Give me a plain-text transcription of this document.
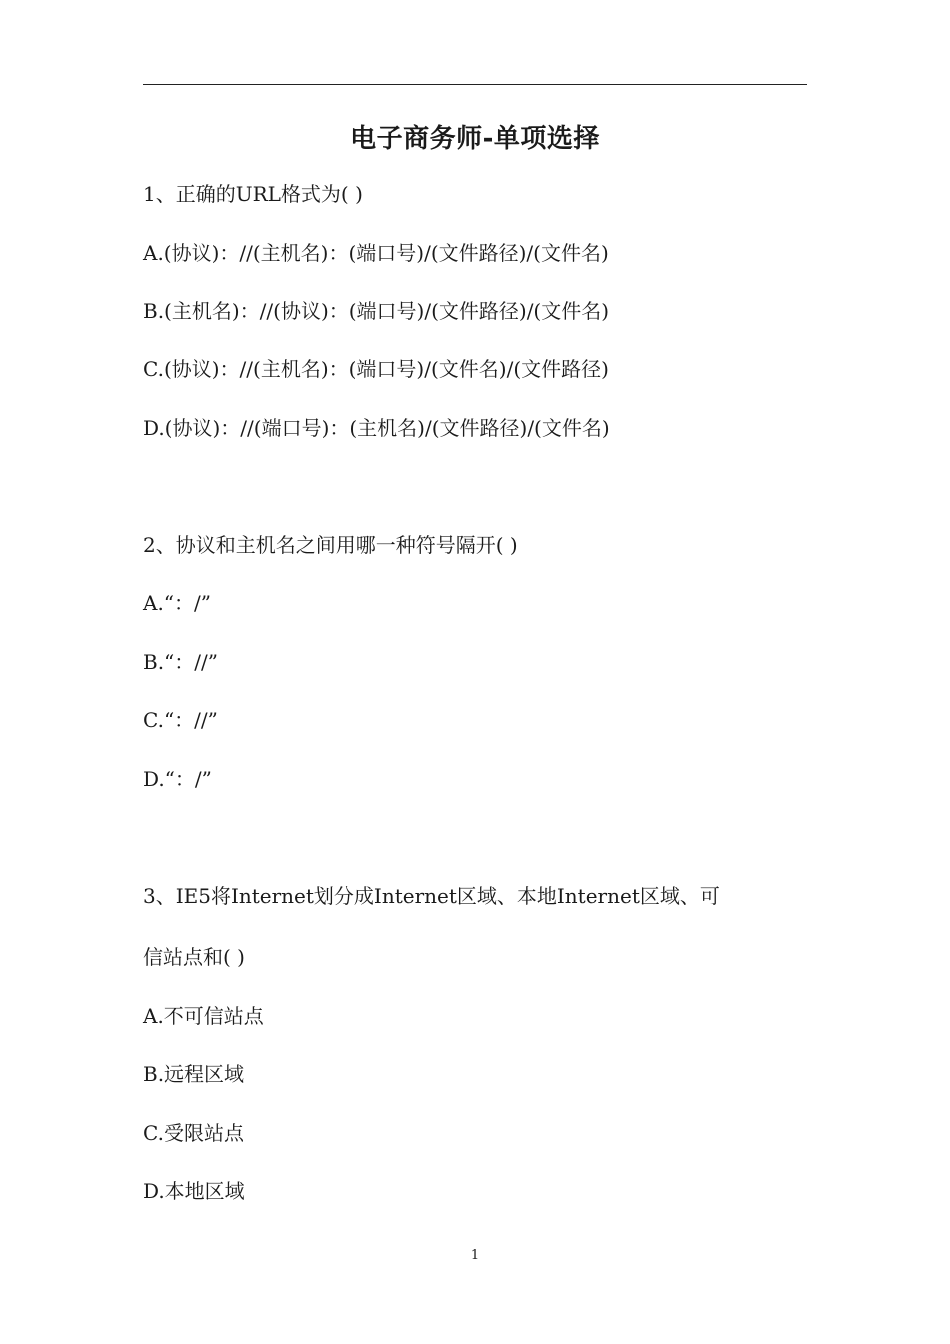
电子商务师-单项选择
1、正确的URL格式为( )
A.(协议)：//(主机名)：(端口号)/(文件路径)/(文件名)
B.(主机名)：//(协议)：(端口号)/(文件路径)/(文件名)
C.(协议)：//(主机名)：(端口号)/(文件名)/(文件路径)
D.(协议)：//(端口号)：(主机名)/(文件路径)/(文件名)
2、协议和主机名之间用哪一种符号隔开( )
A.“：/”
B.“：//”
C.“：//”
D.“：/”
3、IE5将Internet划分成Internet区域、本地Internet区域、可
信站点和( )
A.不可信站点
B.远程区域
C.受限站点
D.本地区域
1
